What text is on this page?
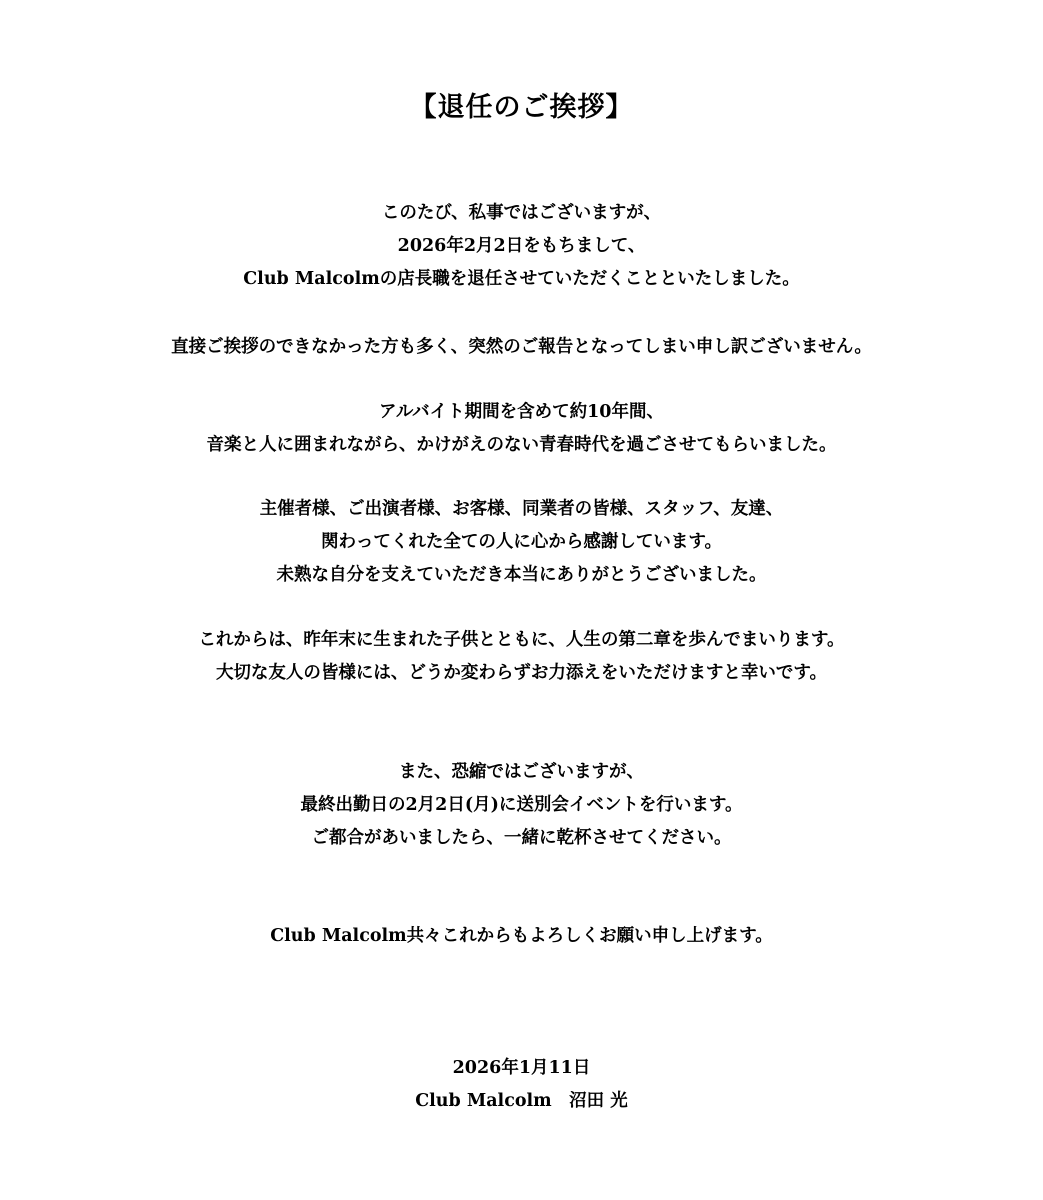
【退任のご挨拶】
このたび、私事ではございますが、
2026年2月2日をもちまして、
Club Malcolmの店長職を退任させていただくことといたしました。
直接ご挨拶のできなかった方も多く、突然のご報告となってしまい申し訳ございません。
アルバイト期間を含めて約10年間、
音楽と人に囲まれながら、かけがえのない青春時代を過ごさせてもらいました。
主催者様、ご出演者様、お客様、同業者の皆様、スタッフ、友達、
関わってくれた全ての人に心から感謝しています。
未熟な自分を支えていただき本当にありがとうございました。
これからは、昨年末に生まれた子供とともに、人生の第二章を歩んでまいります。
大切な友人の皆様には、どうか変わらずお力添えをいただけますと幸いです。
また、恐縮ではございますが、
最終出勤日の2月2日(月)に送別会イベントを行います。
ご都合があいましたら、一緒に乾杯させてください。
Club Malcolm共々これからもよろしくお願い申し上げます。
2026年1月11日
Club Malcolm　沼田 光
